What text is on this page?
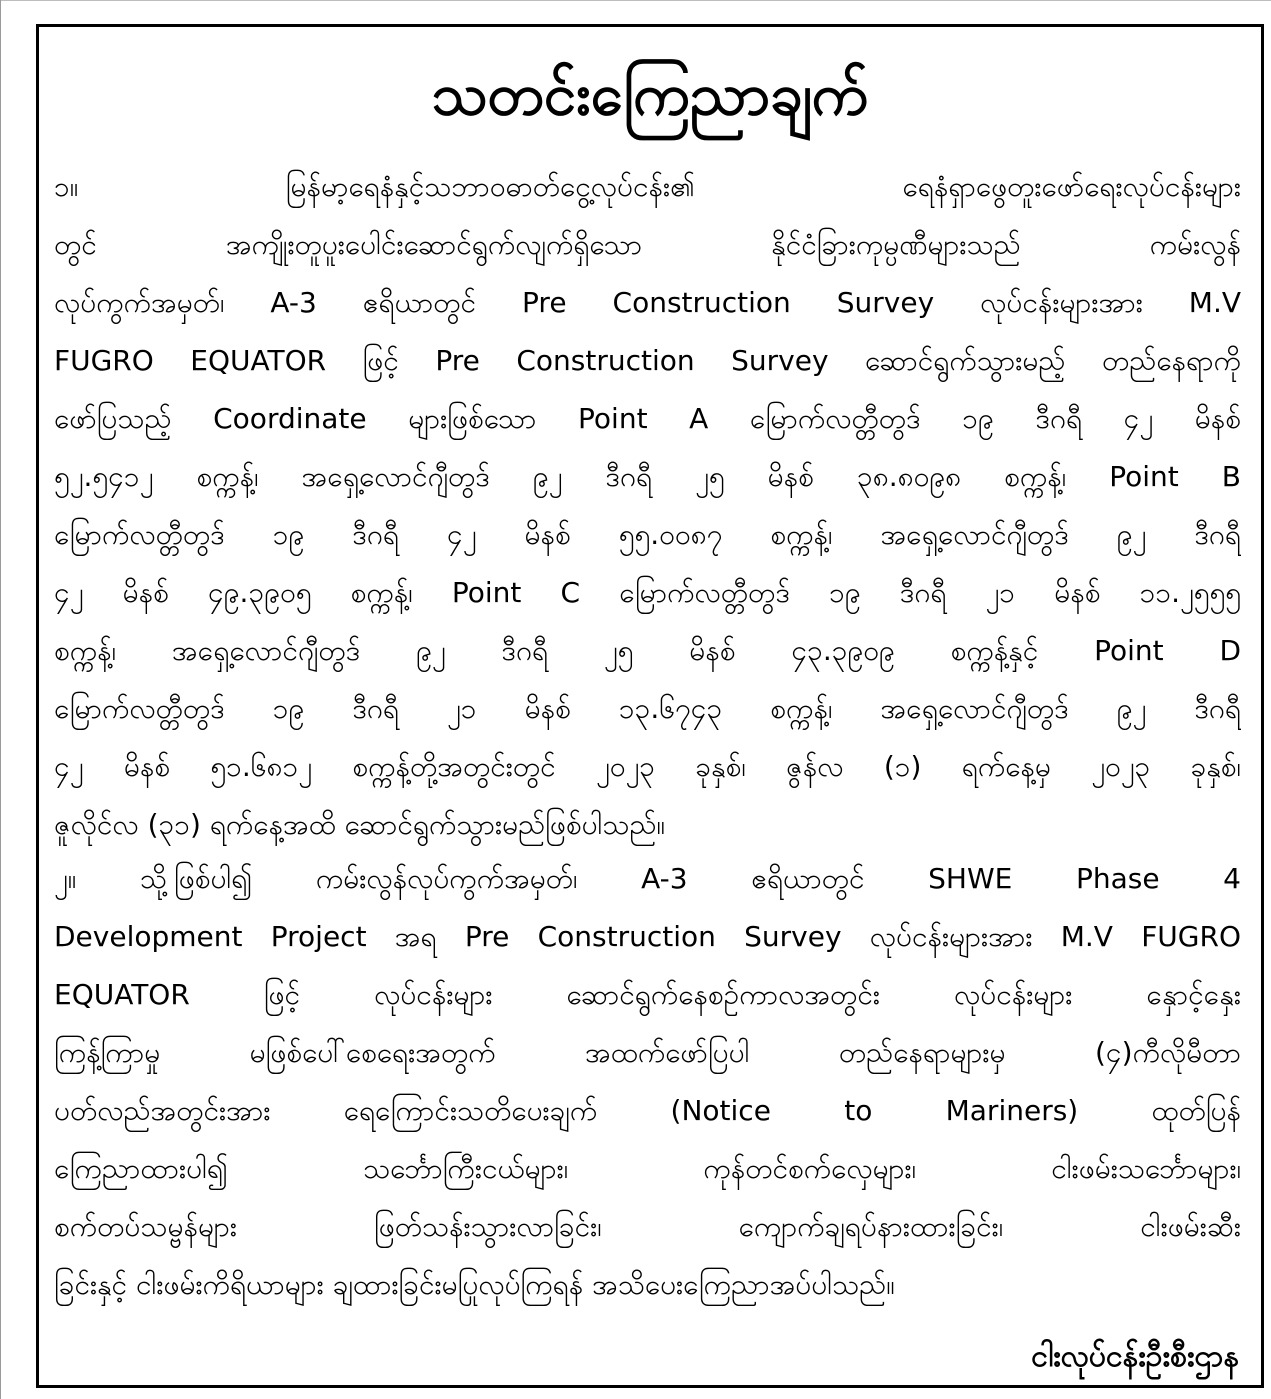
သတင်းကြေညာချက်
၁။ မြန်မာ့ရေနံနှင့်သဘာဝဓာတ်ငွေ့လုပ်ငန်း၏ ရေနံရှာဖွေတူးဖော်ရေးလုပ်ငန်းများ
တွင် အကျိုးတူပူးပေါင်းဆောင်ရွက်လျက်ရှိသော နိုင်ငံခြားကုမ္ပဏီများသည် ကမ်းလွန်
လုပ်ကွက်အမှတ်၊ A-3 ဧရိယာတွင် Pre Construction Survey လုပ်ငန်းများအား M.V
FUGRO EQUATOR ဖြင့် Pre Construction Survey ဆောင်ရွက်သွားမည့် တည်နေရာကို
ဖော်ပြသည့် Coordinate များဖြစ်သော Point A မြောက်လတ္တီတွဒ် ၁၉ ဒီဂရီ ၄၂ မိနစ်
၅၂.၅၄၁၂ စက္ကန့်၊ အရှေ့လောင်ဂျီတွဒ် ၉၂ ဒီဂရီ ၂၅ မိနစ် ၃၈.၈၀၉၈ စက္ကန့်၊ Point B
မြောက်လတ္တီတွဒ် ၁၉ ဒီဂရီ ၄၂ မိနစ် ၅၅.၀၀၈၇ စက္ကန့်၊ အရှေ့လောင်ဂျီတွဒ် ၉၂ ဒီဂရီ
၄၂ မိနစ် ၄၉.၃၉၀၅ စက္ကန့်၊ Point C မြောက်လတ္တီတွဒ် ၁၉ ဒီဂရီ ၂၁ မိနစ် ၁၁.၂၅၅၅
စက္ကန့်၊ အရှေ့လောင်ဂျီတွဒ် ၉၂ ဒီဂရီ ၂၅ မိနစ် ၄၃.၃၉၀၉ စက္ကန့်နှင့် Point D
မြောက်လတ္တီတွဒ် ၁၉ ဒီဂရီ ၂၁ မိနစ် ၁၃.၆၇၄၃ စက္ကန့်၊ အရှေ့လောင်ဂျီတွဒ် ၉၂ ဒီဂရီ
၄၂ မိနစ် ၅၁.၆၈၁၂ စက္ကန့်တို့အတွင်းတွင် ၂၀၂၃ ခုနှစ်၊ ဇွန်လ (၁) ရက်နေ့မှ ၂၀၂၃ ခုနှစ်၊
ဇူလိုင်လ (၃၁) ရက်နေ့အထိ ဆောင်ရွက်သွားမည်ဖြစ်ပါသည်။
၂။ သို့ဖြစ်ပါ၍ ကမ်းလွန်လုပ်ကွက်အမှတ်၊ A-3 ဧရိယာတွင် SHWE Phase 4
Development Project အရ Pre Construction Survey လုပ်ငန်းများအား M.V FUGRO
EQUATOR ဖြင့် လုပ်ငန်းများ ဆောင်ရွက်နေစဉ်ကာလအတွင်း လုပ်ငန်းများ နှောင့်နှေး
ကြန့်ကြာမှု မဖြစ်ပေါ်စေရေးအတွက် အထက်ဖော်ပြပါ တည်နေရာများမှ (၄)ကီလိုမီတာ
ပတ်လည်အတွင်းအား ရေကြောင်းသတိပေးချက် (Notice to Mariners) ထုတ်ပြန်
ကြေညာထားပါ၍ သင်္ဘောကြီးငယ်များ၊ ကုန်တင်စက်လှေများ၊ ငါးဖမ်းသင်္ဘောများ၊
စက်တပ်သမ္ဗန်များ ဖြတ်သန်းသွားလာခြင်း၊ ကျောက်ချရပ်နားထားခြင်း၊ ငါးဖမ်းဆီး
ခြင်းနှင့် ငါးဖမ်းကိရိယာများ ချထားခြင်းမပြုလုပ်ကြရန် အသိပေးကြေညာအပ်ပါသည်။

ငါးလုပ်ငန်းဦးစီးဌာန
